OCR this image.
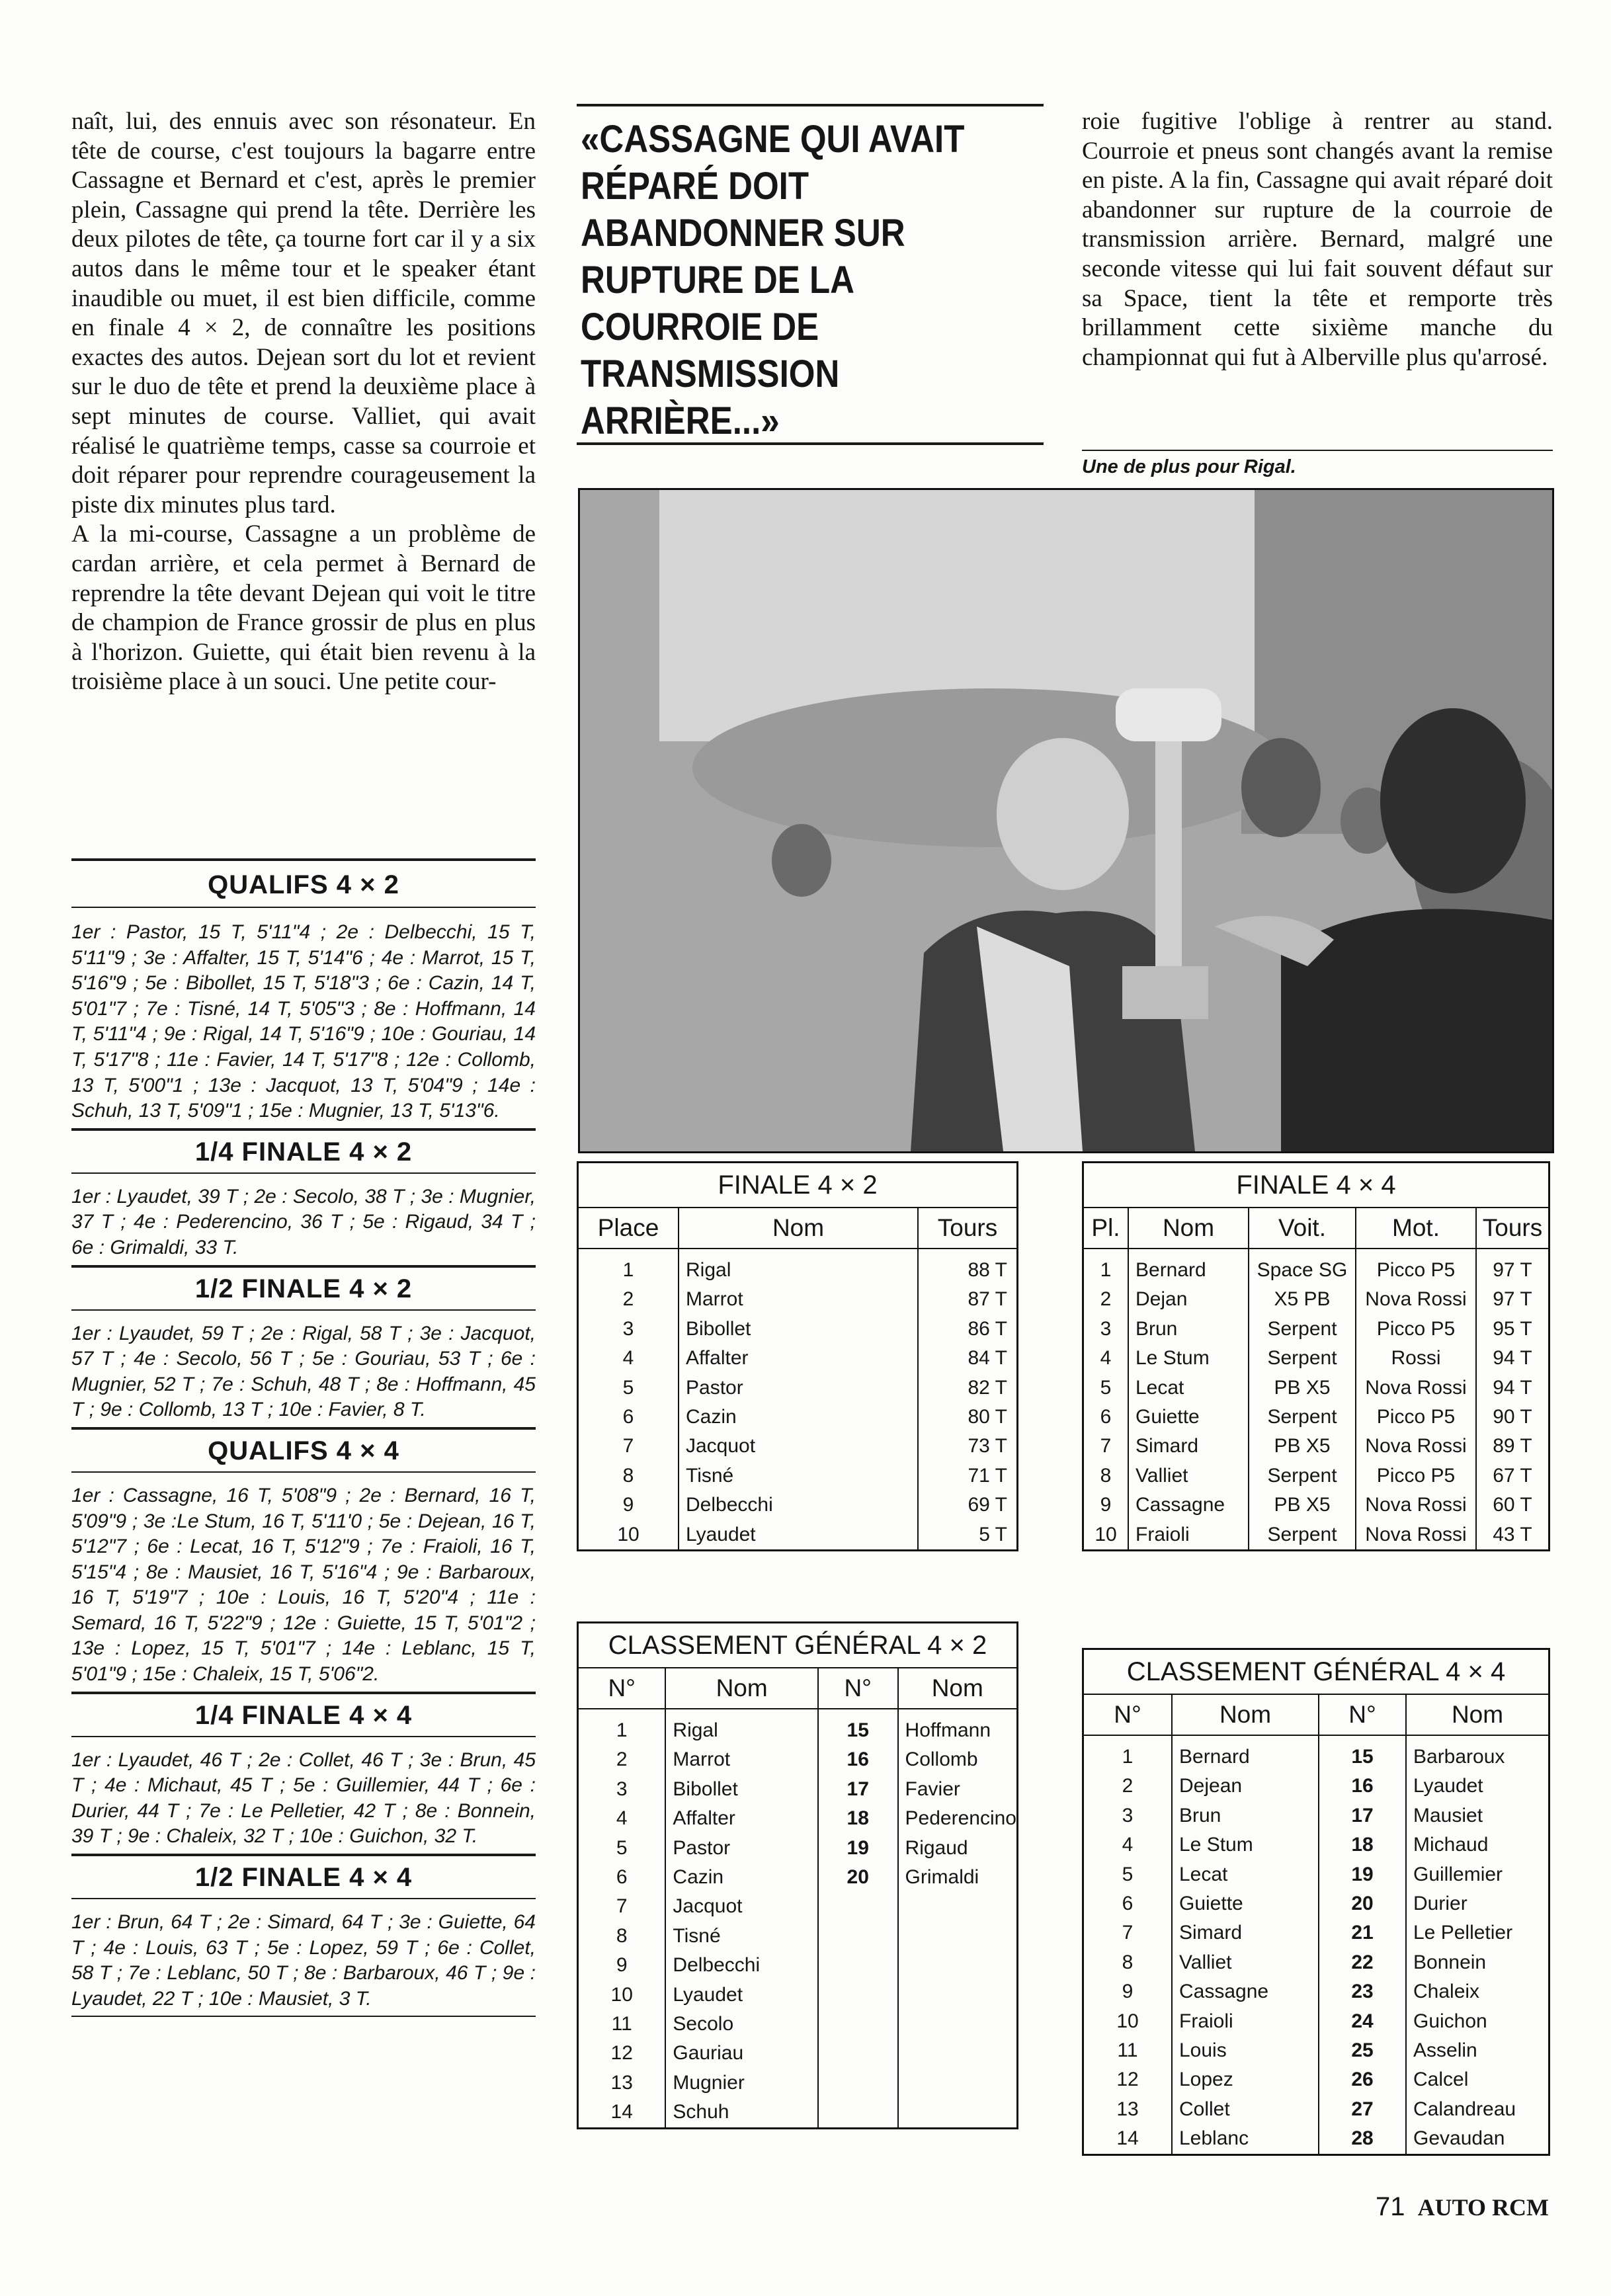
naît, lui, des ennuis avec son résonateur. En tête de course, c'est toujours la bagarre entre Cassagne et Bernard et c'est, après le premier plein, Cassagne qui prend la tête. Derrière les deux pilotes de tête, ça tourne fort car il y a six autos dans le même tour et le speaker étant inaudible ou muet, il est bien difficile, comme en finale 4 × 2, de connaître les positions exactes des autos. Dejean sort du lot et revient sur le duo de tête et prend la deuxième place à sept minutes de course. Valliet, qui avait réalisé le quatrième temps, casse sa courroie et doit réparer pour reprendre courageusement la piste dix minutes plus tard.

A la mi-course, Cassagne a un problème de cardan arrière, et cela permet à Bernard de reprendre la tête devant Dejean qui voit le titre de champion de France grossir de plus en plus à l'horizon. Guiette, qui était bien revenu à la troisième place à un souci. Une petite cour-

«CASSAGNE QUI AVAIT RÉPARÉ DOIT ABANDONNER SUR RUPTURE DE LA COURROIE DE TRANSMISSION ARRIÈRE...»
roie fugitive l'oblige à rentrer au stand. Courroie et pneus sont changés avant la remise en piste. A la fin, Cassagne qui avait réparé doit abandonner sur rupture de la courroie de transmission arrière. Bernard, malgré une seconde vitesse qui lui fait souvent défaut sur sa Space, tient la tête et remporte très brillamment cette sixième manche du championnat qui fut à Alberville plus qu'arrosé.
Une de plus pour Rigal.
QUALIFS 4 × 2

1er : Pastor, 15 T, 5'11"4 ; 2e : Delbecchi, 15 T, 5'11"9 ; 3e : Affalter, 15 T, 5'14"6 ; 4e : Marrot, 15 T, 5'16"9 ; 5e : Bibollet, 15 T, 5'18"3 ; 6e : Cazin, 14 T, 5'01"7 ; 7e : Tisné, 14 T, 5'05"3 ; 8e : Hoffmann, 14 T, 5'11"4 ; 9e : Rigal, 14 T, 5'16"9 ; 10e : Gouriau, 14 T, 5'17"8 ; 11e : Favier, 14 T, 5'17"8 ; 12e : Collomb, 13 T, 5'00"1 ; 13e : Jacquot, 13 T, 5'04"9 ; 14e : Schuh, 13 T, 5'09"1 ; 15e : Mugnier, 13 T, 5'13"6.

1/4 FINALE 4 × 2

1er : Lyaudet, 39 T ; 2e : Secolo, 38 T ; 3e : Mugnier, 37 T ; 4e : Pederencino, 36 T ; 5e : Rigaud, 34 T ; 6e : Grimaldi, 33 T.

1/2 FINALE 4 × 2

1er : Lyaudet, 59 T ; 2e : Rigal, 58 T ; 3e : Jacquot, 57 T ; 4e : Secolo, 56 T ; 5e : Gouriau, 53 T ; 6e : Mugnier, 52 T ; 7e : Schuh, 48 T ; 8e : Hoffmann, 45 T ; 9e : Collomb, 13 T ; 10e : Favier, 8 T.

QUALIFS 4 × 4

1er : Cassagne, 16 T, 5'08"9 ; 2e : Bernard, 16 T, 5'09"9 ; 3e :Le Stum, 16 T, 5'11'0 ; 5e : Dejean, 16 T, 5'12"7 ; 6e : Lecat, 16 T, 5'12"9 ; 7e : Fraioli, 16 T, 5'15"4 ; 8e : Mausiet, 16 T, 5'16"4 ; 9e : Barbaroux, 16 T, 5'19"7 ; 10e : Louis, 16 T, 5'20"4 ; 11e : Semard, 16 T, 5'22"9 ; 12e : Guiette, 15 T, 5'01"2 ; 13e : Lopez, 15 T, 5'01"7 ; 14e : Leblanc, 15 T, 5'01"9 ; 15e : Chaleix, 15 T, 5'06"2.

1/4 FINALE 4 × 4

1er : Lyaudet, 46 T ; 2e : Collet, 46 T ; 3e : Brun, 45 T ; 4e : Michaut, 45 T ; 5e : Guillemier, 44 T ; 6e : Durier, 44 T ; 7e : Le Pelletier, 42 T ; 8e : Bonnein, 39 T ; 9e : Chaleix, 32 T ; 10e : Guichon, 32 T.

1/2 FINALE 4 × 4

1er : Brun, 64 T ; 2e : Simard, 64 T ; 3e : Guiette, 64 T ; 4e : Louis, 63 T ; 5e : Lopez, 59 T ; 6e : Collet, 58 T ; 7e : Leblanc, 50 T ; 8e : Barbaroux, 46 T ; 9e : Lyaudet, 22 T ; 10e : Mausiet, 3 T.

FINALE 4 × 2		
Place	Nom	Tours
1	Rigal	88 T
2	Marrot	87 T
3	Bibollet	86 T
4	Affalter	84 T
5	Pastor	82 T
6	Cazin	80 T
7	Jacquot	73 T
8	Tisné	71 T
9	Delbecchi	69 T
10	Lyaudet	5 T
FINALE 4 × 4				
Pl.	Nom	Voit.	Mot.	Tours
1	Bernard	Space SG	Picco P5	97 T
2	Dejan	X5 PB	Nova Rossi	97 T
3	Brun	Serpent	Picco P5	95 T
4	Le Stum	Serpent	Rossi	94 T
5	Lecat	PB X5	Nova Rossi	94 T
6	Guiette	Serpent	Picco P5	90 T
7	Simard	PB X5	Nova Rossi	89 T
8	Valliet	Serpent	Picco P5	67 T
9	Cassagne	PB X5	Nova Rossi	60 T
10	Fraioli	Serpent	Nova Rossi	43 T
CLASSEMENT GÉNÉRAL 4 × 2			
N°	Nom	N°	Nom
1	Rigal	15	Hoffmann
2	Marrot	16	Collomb
3	Bibollet	17	Favier
4	Affalter	18	Pederencino
5	Pastor	19	Rigaud
6	Cazin	20	Grimaldi
7	Jacquot		
8	Tisné		
9	Delbecchi		
10	Lyaudet		
11	Secolo		
12	Gauriau		
13	Mugnier		
14	Schuh		
CLASSEMENT GÉNÉRAL 4 × 4			
N°	Nom	N°	Nom
1	Bernard	15	Barbaroux
2	Dejean	16	Lyaudet
3	Brun	17	Mausiet
4	Le Stum	18	Michaud
5	Lecat	19	Guillemier
6	Guiette	20	Durier
7	Simard	21	Le Pelletier
8	Valliet	22	Bonnein
9	Cassagne	23	Chaleix
10	Fraioli	24	Guichon
11	Louis	25	Asselin
12	Lopez	26	Calcel
13	Collet	27	Calandreau
14	Leblanc	28	Gevaudan
71 AUTO RCM
